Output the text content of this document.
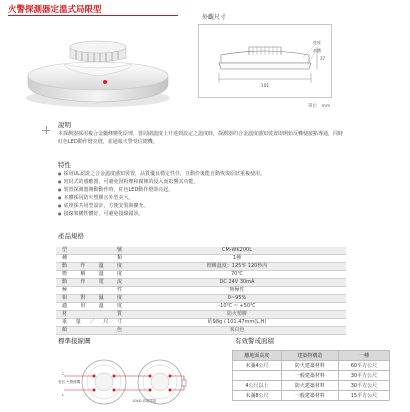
火警探測器定溫式局限型
外觀尺寸
101
37
底座
本體
單位：mm
說明
本探測器採用複合金屬條變化原理，當周圍溫度上升達到設定之溫度時，探測器的合金溫度感知裝置即開始反轉使接點導通，同時紅色LED動作燈亮燈，並通報火警受信總機。
特性
● 採用UL認證之合金溫度感知裝置，品質優良穩定性佳，且動作後能自動恢復原狀重複使用。
● 密封式的感應器，可避免因粉塵和腐蝕的侵入而影響其功能。
● 裝置探測器開動動作時，紅色LED動作燈即亮起。
● 本體採用防火塑膠且外型美大。
● 底座採共用型設計，方便安裝與擴充。
● 接線架構性體好，可避免接線錯誤。
產品規格
型號	CM-WK200L
種類	1種
動作溫度	標稱溫度：125℉ 120秒內
標稱溫度	70℃
動作電流	DC 24V 30mA
極性	無極性
相對濕度	0~95%
適用溫度	-10℃ ~ +50℃
材質	防火塑膠
重量／尺寸	約98g / 101.47mm(L,H)
顏色	米白色
標準接線圖
C
L
受信 火警總機
10KΩ 終端電阻
有效警戒面積
離地面高度	建築物構造	一種
未滿4公尺	防火建築材料	60平方公尺
	一般建築材料	30平方公尺
4公尺以上	防火建築材料	30平方公尺
未滿8公尺	一般建築材料	15平方公尺
